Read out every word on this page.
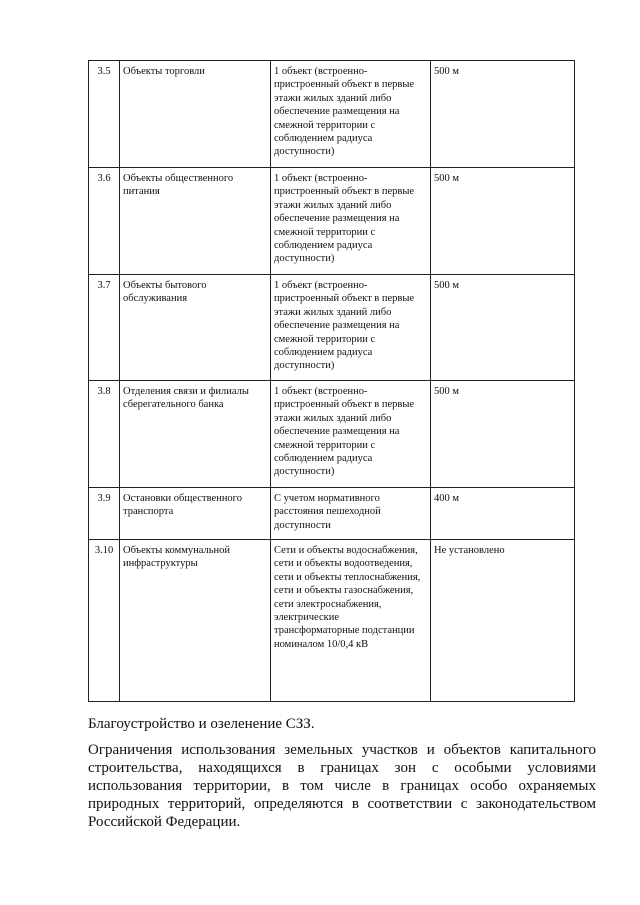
3.5	Объекты торговли	1 объект (встроенно-пристроенный объект в первые этажи жилых зданий либо обеспечение размещения на смежной территории с соблюдением радиуса доступности)	500 м
3.6	Объекты общественного питания	1 объект (встроенно-пристроенный объект в первые этажи жилых зданий либо обеспечение размещения на смежной территории с соблюдением радиуса доступности)	500 м
3.7	Объекты бытового обслуживания	1 объект (встроенно-пристроенный объект в первые этажи жилых зданий либо обеспечение размещения на смежной территории с соблюдением радиуса доступности)	500 м
3.8	Отделения связи и филиалы сберегательного банка	1 объект (встроенно-пристроенный объект в первые этажи жилых зданий либо обеспечение размещения на смежной территории с соблюдением радиуса доступности)	500 м
3.9	Остановки общественного транспорта	С учетом нормативного расстояния пешеходной доступности	400 м
3.10	Объекты коммунальной инфраструктуры	Сети и объекты водоснабжения, сети и объекты водоотведения, сети и объекты теплоснабжения, сети и объекты газоснабжения, сети электроснабжения, электрические трансформаторные подстанции номиналом 10/0,4 кВ	Не установлено
Благоустройство и озеленение СЗЗ.
Ограничения использования земельных участков и объектов капитального строительства, находящихся в границах зон с особыми условиями использования территории, в том числе в границах особо охраняемых природных территорий, определяются в соответствии с законодательством Российской Федерации.
